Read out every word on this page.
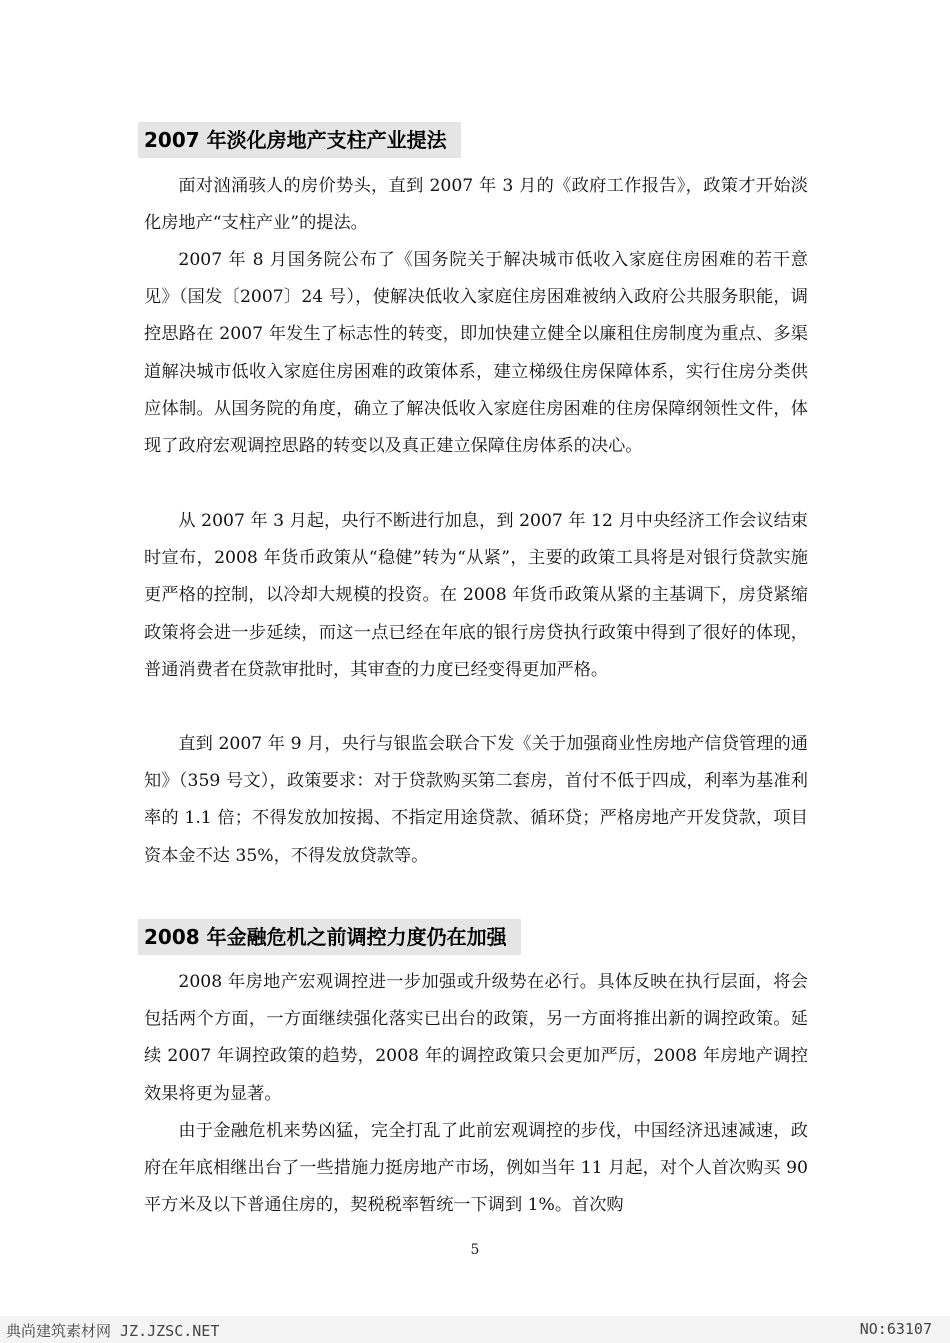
2007 年淡化房地产支柱产业提法

面对汹涌骇人的房价势头，直到 2007 年 3 月的《政府工作报告》，政策才开始淡化房地产“支柱产业”的提法。

2007 年 8 月国务院公布了《国务院关于解决城市低收入家庭住房困难的若干意见》（国发〔2007〕24 号），使解决低收入家庭住房困难被纳入政府公共服务职能，调控思路在 2007 年发生了标志性的转变，即加快建立健全以廉租住房制度为重点、多渠道解决城市低收入家庭住房困难的政策体系，建立梯级住房保障体系，实行住房分类供应体制。从国务院的角度，确立了解决低收入家庭住房困难的住房保障纲领性文件，体现了政府宏观调控思路的转变以及真正建立保障住房体系的决心。

从 2007 年 3 月起，央行不断进行加息，到 2007 年 12 月中央经济工作会议结束时宣布，2008 年货币政策从“稳健”转为“从紧”，主要的政策工具将是对银行贷款实施更严格的控制，以冷却大规模的投资。在 2008 年货币政策从紧的主基调下，房贷紧缩政策将会进一步延续，而这一点已经在年底的银行房贷执行政策中得到了很好的体现，普通消费者在贷款审批时，其审查的力度已经变得更加严格。

直到 2007 年 9 月，央行与银监会联合下发《关于加强商业性房地产信贷管理的通知》（359 号文），政策要求：对于贷款购买第二套房，首付不低于四成，利率为基准利率的 1.1 倍；不得发放加按揭、不指定用途贷款、循环贷；严格房地产开发贷款，项目资本金不达 35%，不得发放贷款等。

2008 年金融危机之前调控力度仍在加强

2008 年房地产宏观调控进一步加强或升级势在必行。具体反映在执行层面，将会包括两个方面，一方面继续强化落实已出台的政策，另一方面将推出新的调控政策。延续 2007 年调控政策的趋势，2008 年的调控政策只会更加严厉，2008 年房地产调控效果将更为显著。

由于金融危机来势凶猛，完全打乱了此前宏观调控的步伐，中国经济迅速减速，政府在年底相继出台了一些措施力挺房地产市场，例如当年 11 月起，对个人首次购买 90 平方米及以下普通住房的，契税税率暂统一下调到 1%。首次购

5
典尚建筑素材网 JZ.JZSC.NET	NO:63107
